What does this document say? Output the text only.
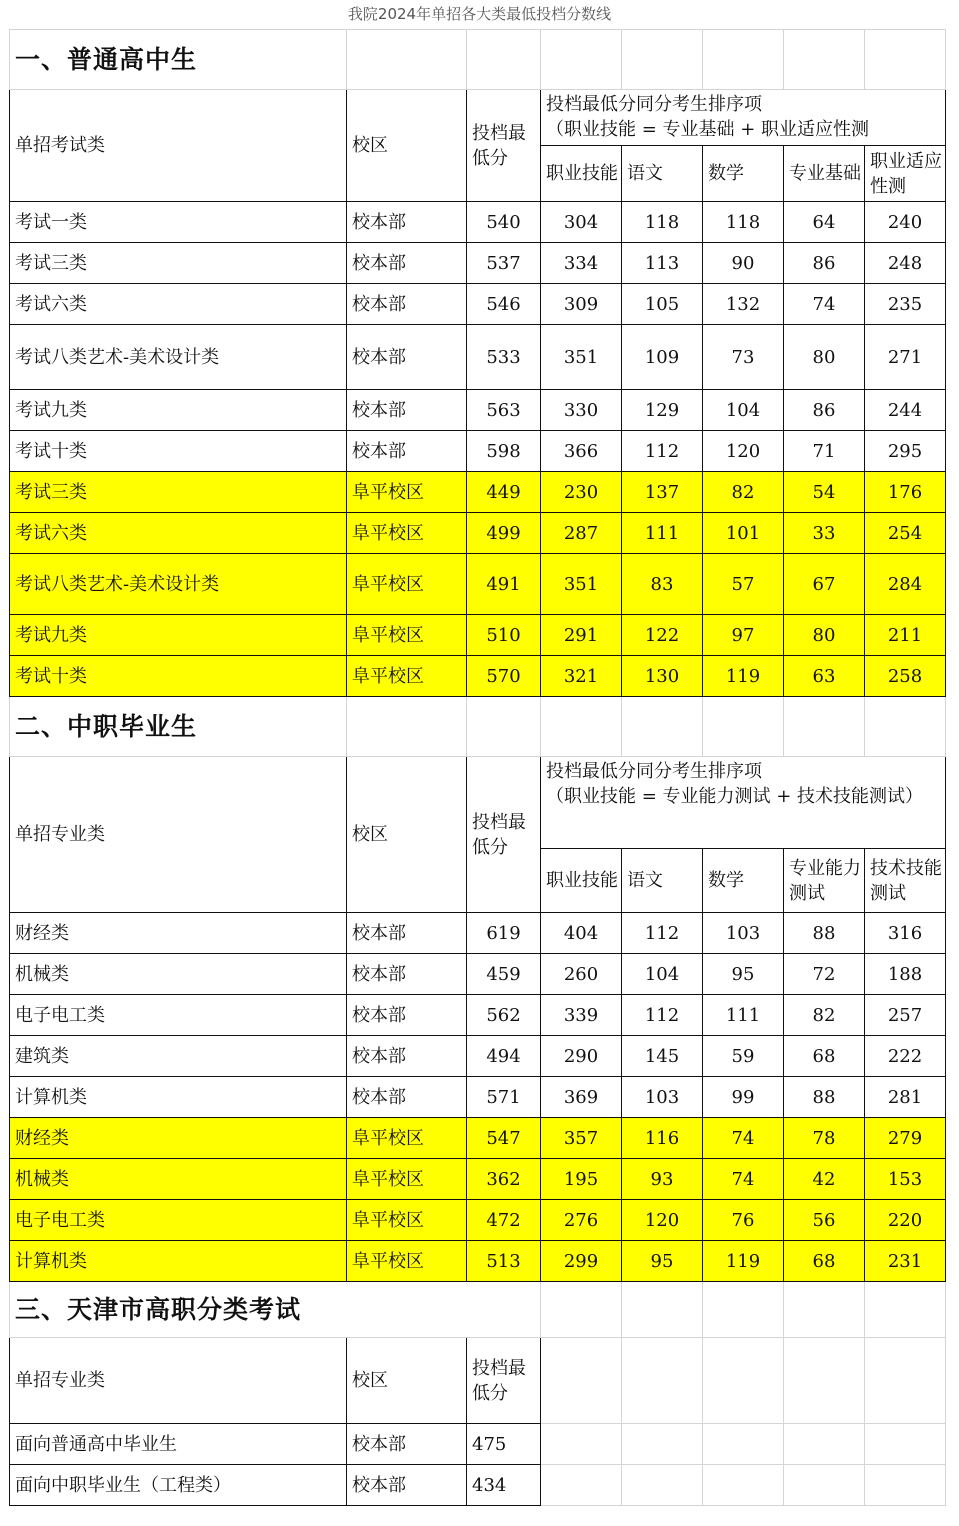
我院2024年单招各大类最低投档分数线
一、普通高中生							
单招考试类	校区	投档最低分	投档最低分同分考生排序项
（职业技能 = 专业基础 + 职业适应性测				

			职业技能	语文	数学	专业基础	职业适应性测
考试一类	校本部	540	304	118	118	64	240
考试三类	校本部	537	334	113	90	86	248
考试六类	校本部	546	309	105	132	74	235
考试八类艺术-美术设计类	校本部	533	351	109	73	80	271
考试九类	校本部	563	330	129	104	86	244
考试十类	校本部	598	366	112	120	71	295
考试三类	阜平校区	449	230	137	82	54	176
考试六类	阜平校区	499	287	111	101	33	254
考试八类艺术-美术设计类	阜平校区	491	351	83	57	67	284
考试九类	阜平校区	510	291	122	97	80	211
考试十类	阜平校区	570	321	130	119	63	258
二、中职毕业生							
单招专业类	校区	投档最低分	投档最低分同分考生排序项
（职业技能 = 专业能力测试 + 技术技能测试）				

			职业技能	语文	数学	专业能力测试	技术技能测试
财经类	校本部	619	404	112	103	88	316
机械类	校本部	459	260	104	95	72	188
电子电工类	校本部	562	339	112	111	82	257
建筑类	校本部	494	290	145	59	68	222
计算机类	校本部	571	369	103	99	88	281
财经类	阜平校区	547	357	116	74	78	279
机械类	阜平校区	362	195	93	74	42	153
电子电工类	阜平校区	472	276	120	76	56	220
计算机类	阜平校区	513	299	95	119	68	231
三、天津市高职分类考试							
单招专业类	校区	投档最低分					
面向普通高中毕业生	校本部	475					
面向中职毕业生（工程类）	校本部	434					
